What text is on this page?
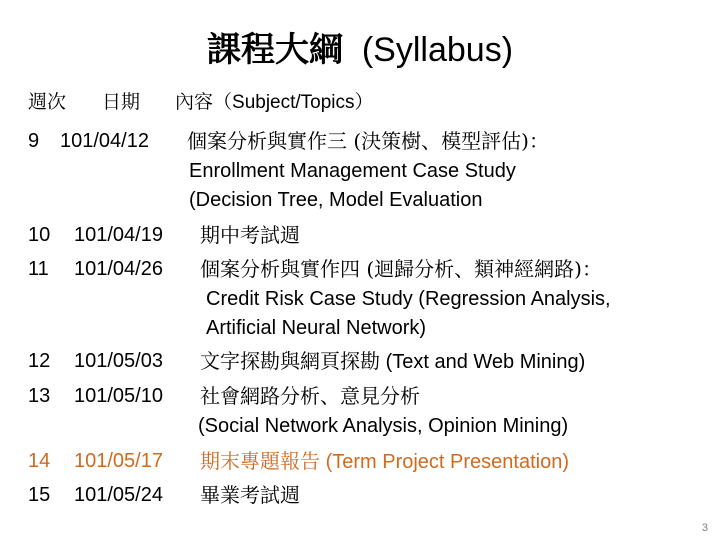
課程大綱 (Syllabus)
週次 日期 內容（Subject/Topics）
9 101/04/12 個案分析與實作三 (決策樹、模型評估)：
Enrollment Management Case Study
(Decision Tree, Model Evaluation
10 101/04/19 期中考試週
11 101/04/26 個案分析與實作四 (迴歸分析、類神經網路)：
Credit Risk Case Study (Regression Analysis,
Artificial Neural Network)
12 101/05/03 文字探勘與網頁探勘 (Text and Web Mining)
13 101/05/10 社會網路分析、意見分析
(Social Network Analysis, Opinion Mining)
14 101/05/17 期末專題報告 (Term Project Presentation)
15 101/05/24 畢業考試週
3
